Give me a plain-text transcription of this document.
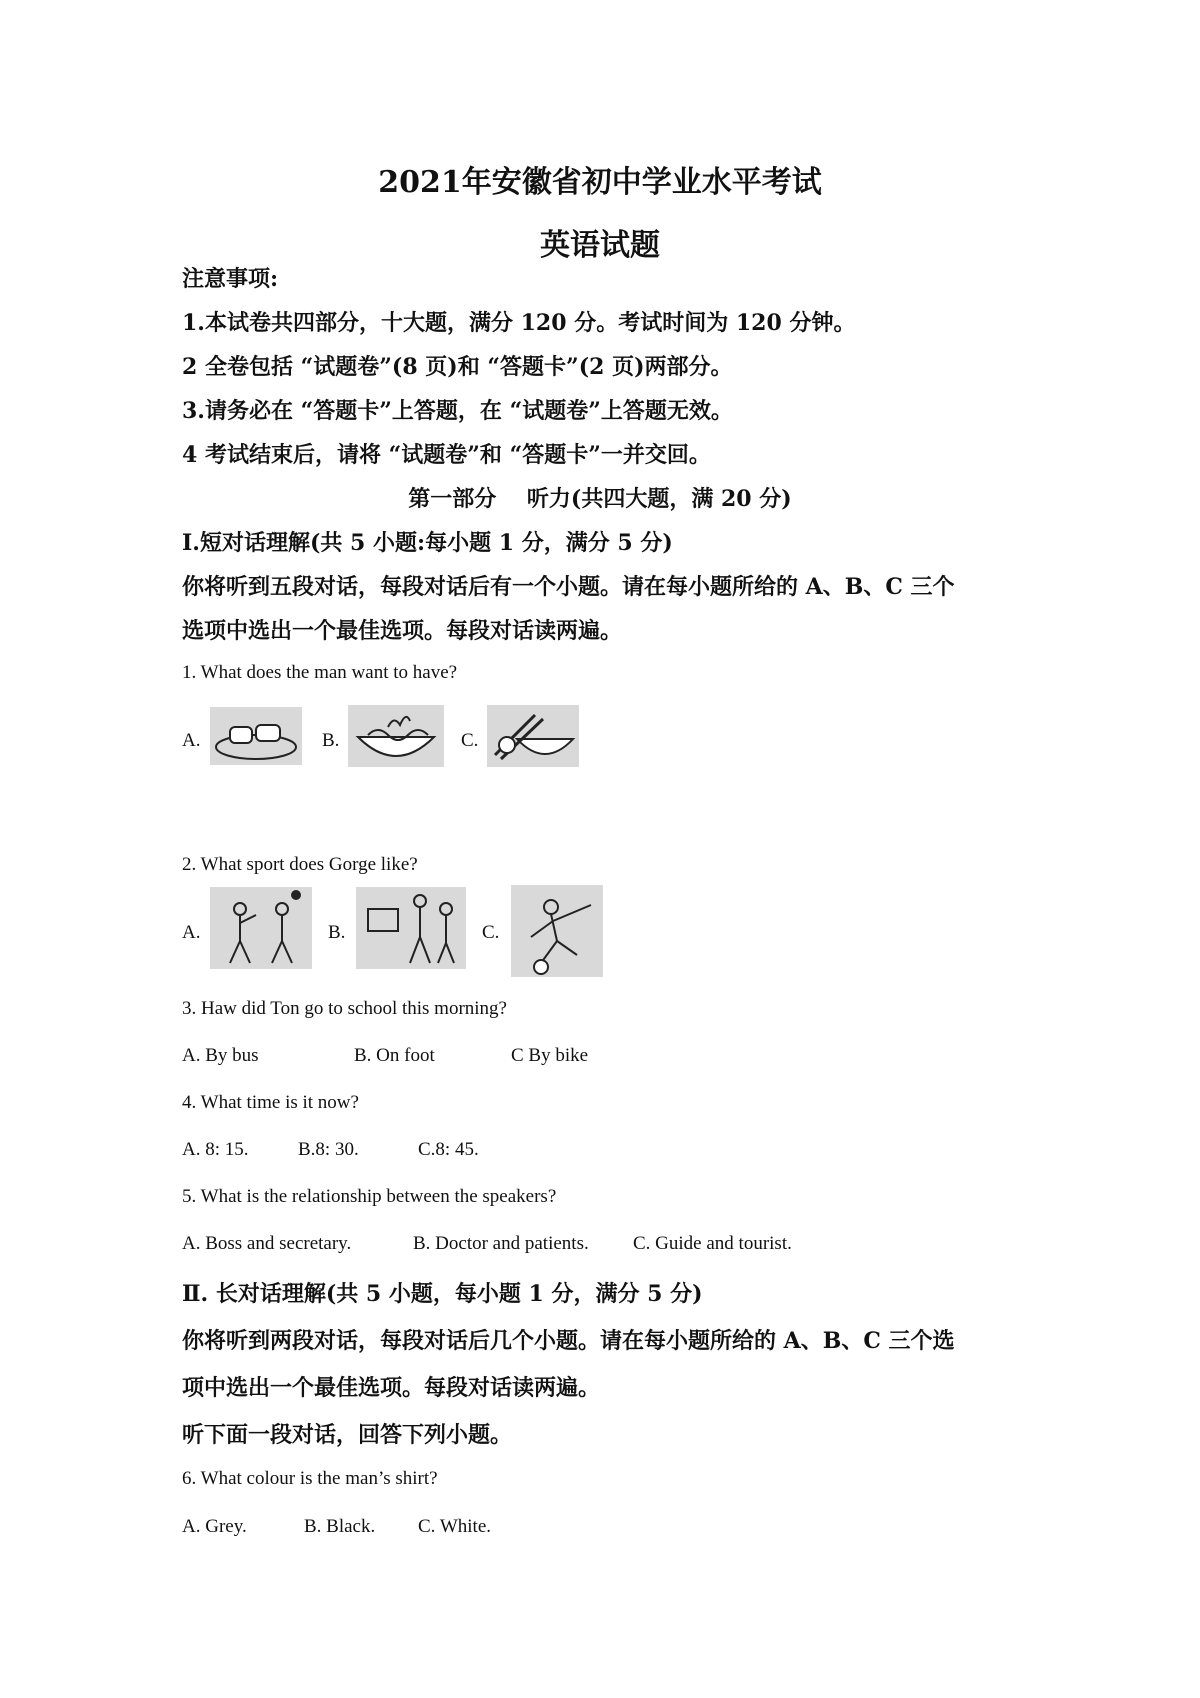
2021年安徽省初中学业水平考试
英语试题
注意事项:
1.本试卷共四部分，十大题，满分 120 分。考试时间为 120 分钟。
2 全卷包括 “试题卷”(8 页)和 “答题卡”(2 页)两部分。
3.请务必在 “答题卡”上答题，在 “试题卷”上答题无效。
4 考试结束后，请将 “试题卷”和 “答题卡”一并交回。
第一部分    听力(共四大题，满 20 分)
Ⅰ.短对话理解(共 5 小题:每小题 1 分，满分 5 分)
你将听到五段对话，每段对话后有一个小题。请在每小题所给的 A、B、C 三个
选项中选出一个最佳选项。每段对话读两遍。
1. What does the man want to have?
A.	B.	C.
2. What sport does Gorge like?
A.	B.	C.
3. Haw did Ton go to school this morning?
A. By bus	B. On foot	C By bike
4. What time is it now?
A. 8: 15.	B.8: 30.	C.8: 45.
5. What is the relationship between the speakers?
A. Boss and secretary.	B. Doctor and patients. C. Guide and tourist.
Ⅱ. 长对话理解(共 5 小题，每小题 1 分，满分 5 分)
你将听到两段对话，每段对话后几个小题。请在每小题所给的 A、B、C 三个选
项中选出一个最佳选项。每段对话读两遍。
听下面一段对话，回答下列小题。
6. What colour is the man’s shirt?
A. Grey.	B. Black. C. White.
